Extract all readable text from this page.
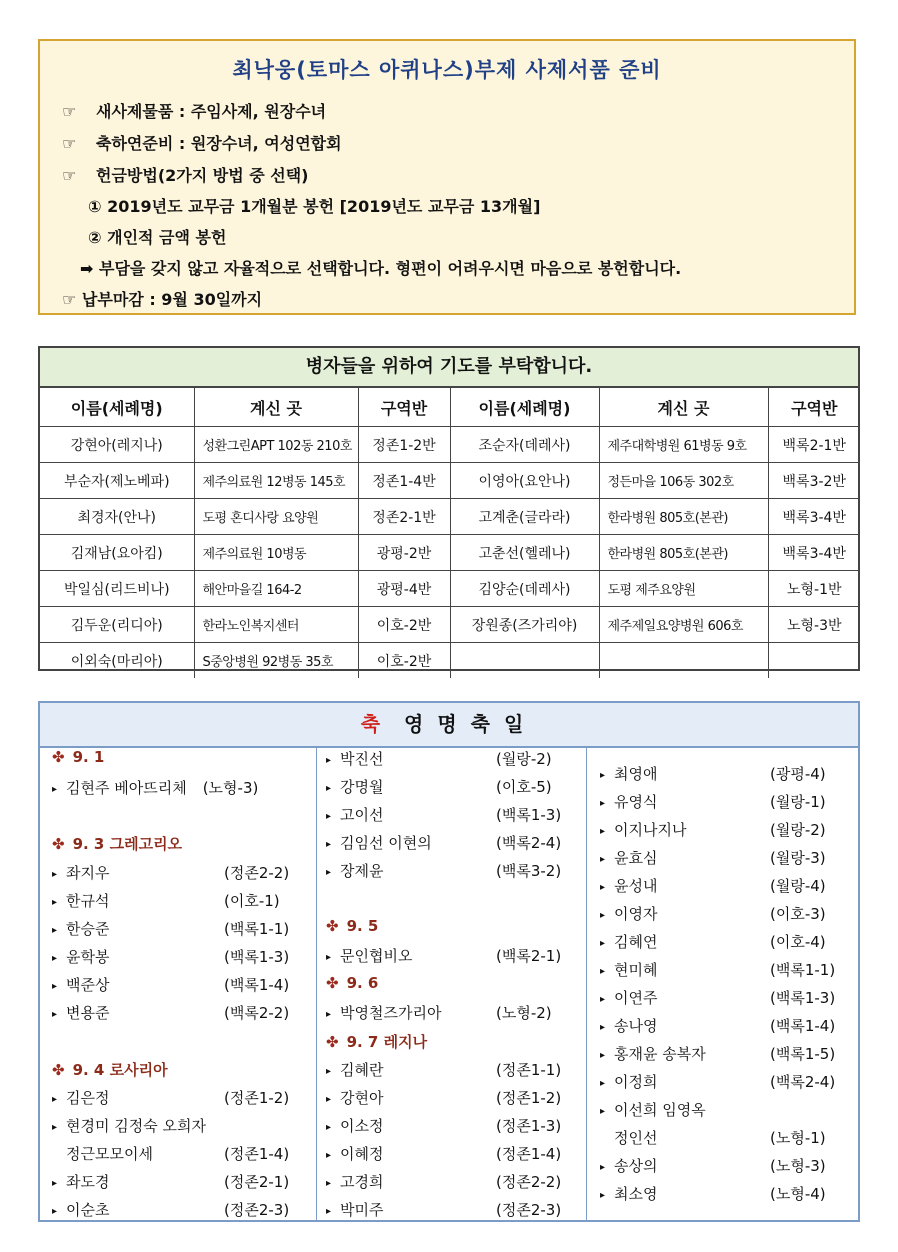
최낙웅(토마스 아퀴나스)부제 사제서품 준비
☞ 새사제물품 : 주임사제, 원장수녀
☞ 축하연준비 : 원장수녀, 여성연합회
☞ 헌금방법(2가지 방법 중 선택)
① 2019년도 교무금 1개월분 봉헌 [2019년도 교무금 13개월]
② 개인적 금액 봉헌
➡ 부담을 갖지 않고 자율적으로 선택합니다. 형편이 어려우시면 마음으로 봉헌합니다.
☞ 납부마감 : 9월 30일까지
병자들을 위하여 기도를 부탁합니다.
이름(세례명)	계신 곳	구역반	이름(세례명)	계신 곳	구역반
강현아(레지나)	성환그린APT 102동 210호	정존1-2반	조순자(데레사)	제주대학병원 61병동 9호	백록2-1반
부순자(제노베파)	제주의료원 12병동 145호	정존1-4반	이영아(요안나)	정든마을 106동 302호	백록3-2반
최경자(안나)	도평 혼디사랑 요양원	정존2-1반	고계춘(글라라)	한라병원 805호(본관)	백록3-4반
김재남(요아킴)	제주의료원 10병동	광평-2반	고춘선(헬레나)	한라병원 805호(본관)	백록3-4반
박일심(리드비나)	해안마을길 164-2	광평-4반	김양순(데레사)	도평 제주요양원	노형-1반
김두운(리디아)	한라노인복지센터	이호-2반	장원종(즈가리야)	제주제일요양병원 606호	노형-3반
이외숙(마리아)	S중앙병원 92병동 35호	이호-2반			
축영명축일
✤ 9. 1
▸ 김현주 베아뜨리체 (노형-3)
✤ 9. 3 그레고리오
▸ 좌지우	(정존2-2)
▸ 한규석	(이호-1)
▸ 한승준	(백록1-1)
▸ 윤학봉	(백록1-3)
▸ 백준상	(백록1-4)
▸ 변용준	(백록2-2)
✤ 9. 4 로사리아
▸ 김은정	(정존1-2)
▸ 현경미 김정숙 오희자
정근모모이세	(정존1-4)
▸ 좌도경	(정존2-1)
▸ 이순초	(정존2-3)
▸ 박진선	(월랑-2)
▸ 강명월	(이호-5)
▸ 고이선	(백록1-3)
▸ 김임선 이현의	(백록2-4)
▸ 장제윤	(백록3-2)
✤ 9. 5
▸ 문인협비오	(백록2-1)
✤ 9. 6
▸ 박영철즈가리아	(노형-2)
✤ 9. 7 레지나
▸ 김혜란	(정존1-1)
▸ 강현아	(정존1-2)
▸ 이소정	(정존1-3)
▸ 이혜정	(정존1-4)
▸ 고경희	(정존2-2)
▸ 박미주	(정존2-3)
▸ 최영애	(광평-4)
▸ 유영식	(월랑-1)
▸ 이지나지나	(월랑-2)
▸ 윤효심	(월랑-3)
▸ 윤성내	(월랑-4)
▸ 이영자	(이호-3)
▸ 김혜연	(이호-4)
▸ 현미혜	(백록1-1)
▸ 이연주	(백록1-3)
▸ 송나영	(백록1-4)
▸ 홍재윤 송복자	(백록1-5)
▸ 이정희	(백록2-4)
▸ 이선희 임영옥
정인선	(노형-1)
▸ 송상의	(노형-3)
▸ 최소영	(노형-4)
